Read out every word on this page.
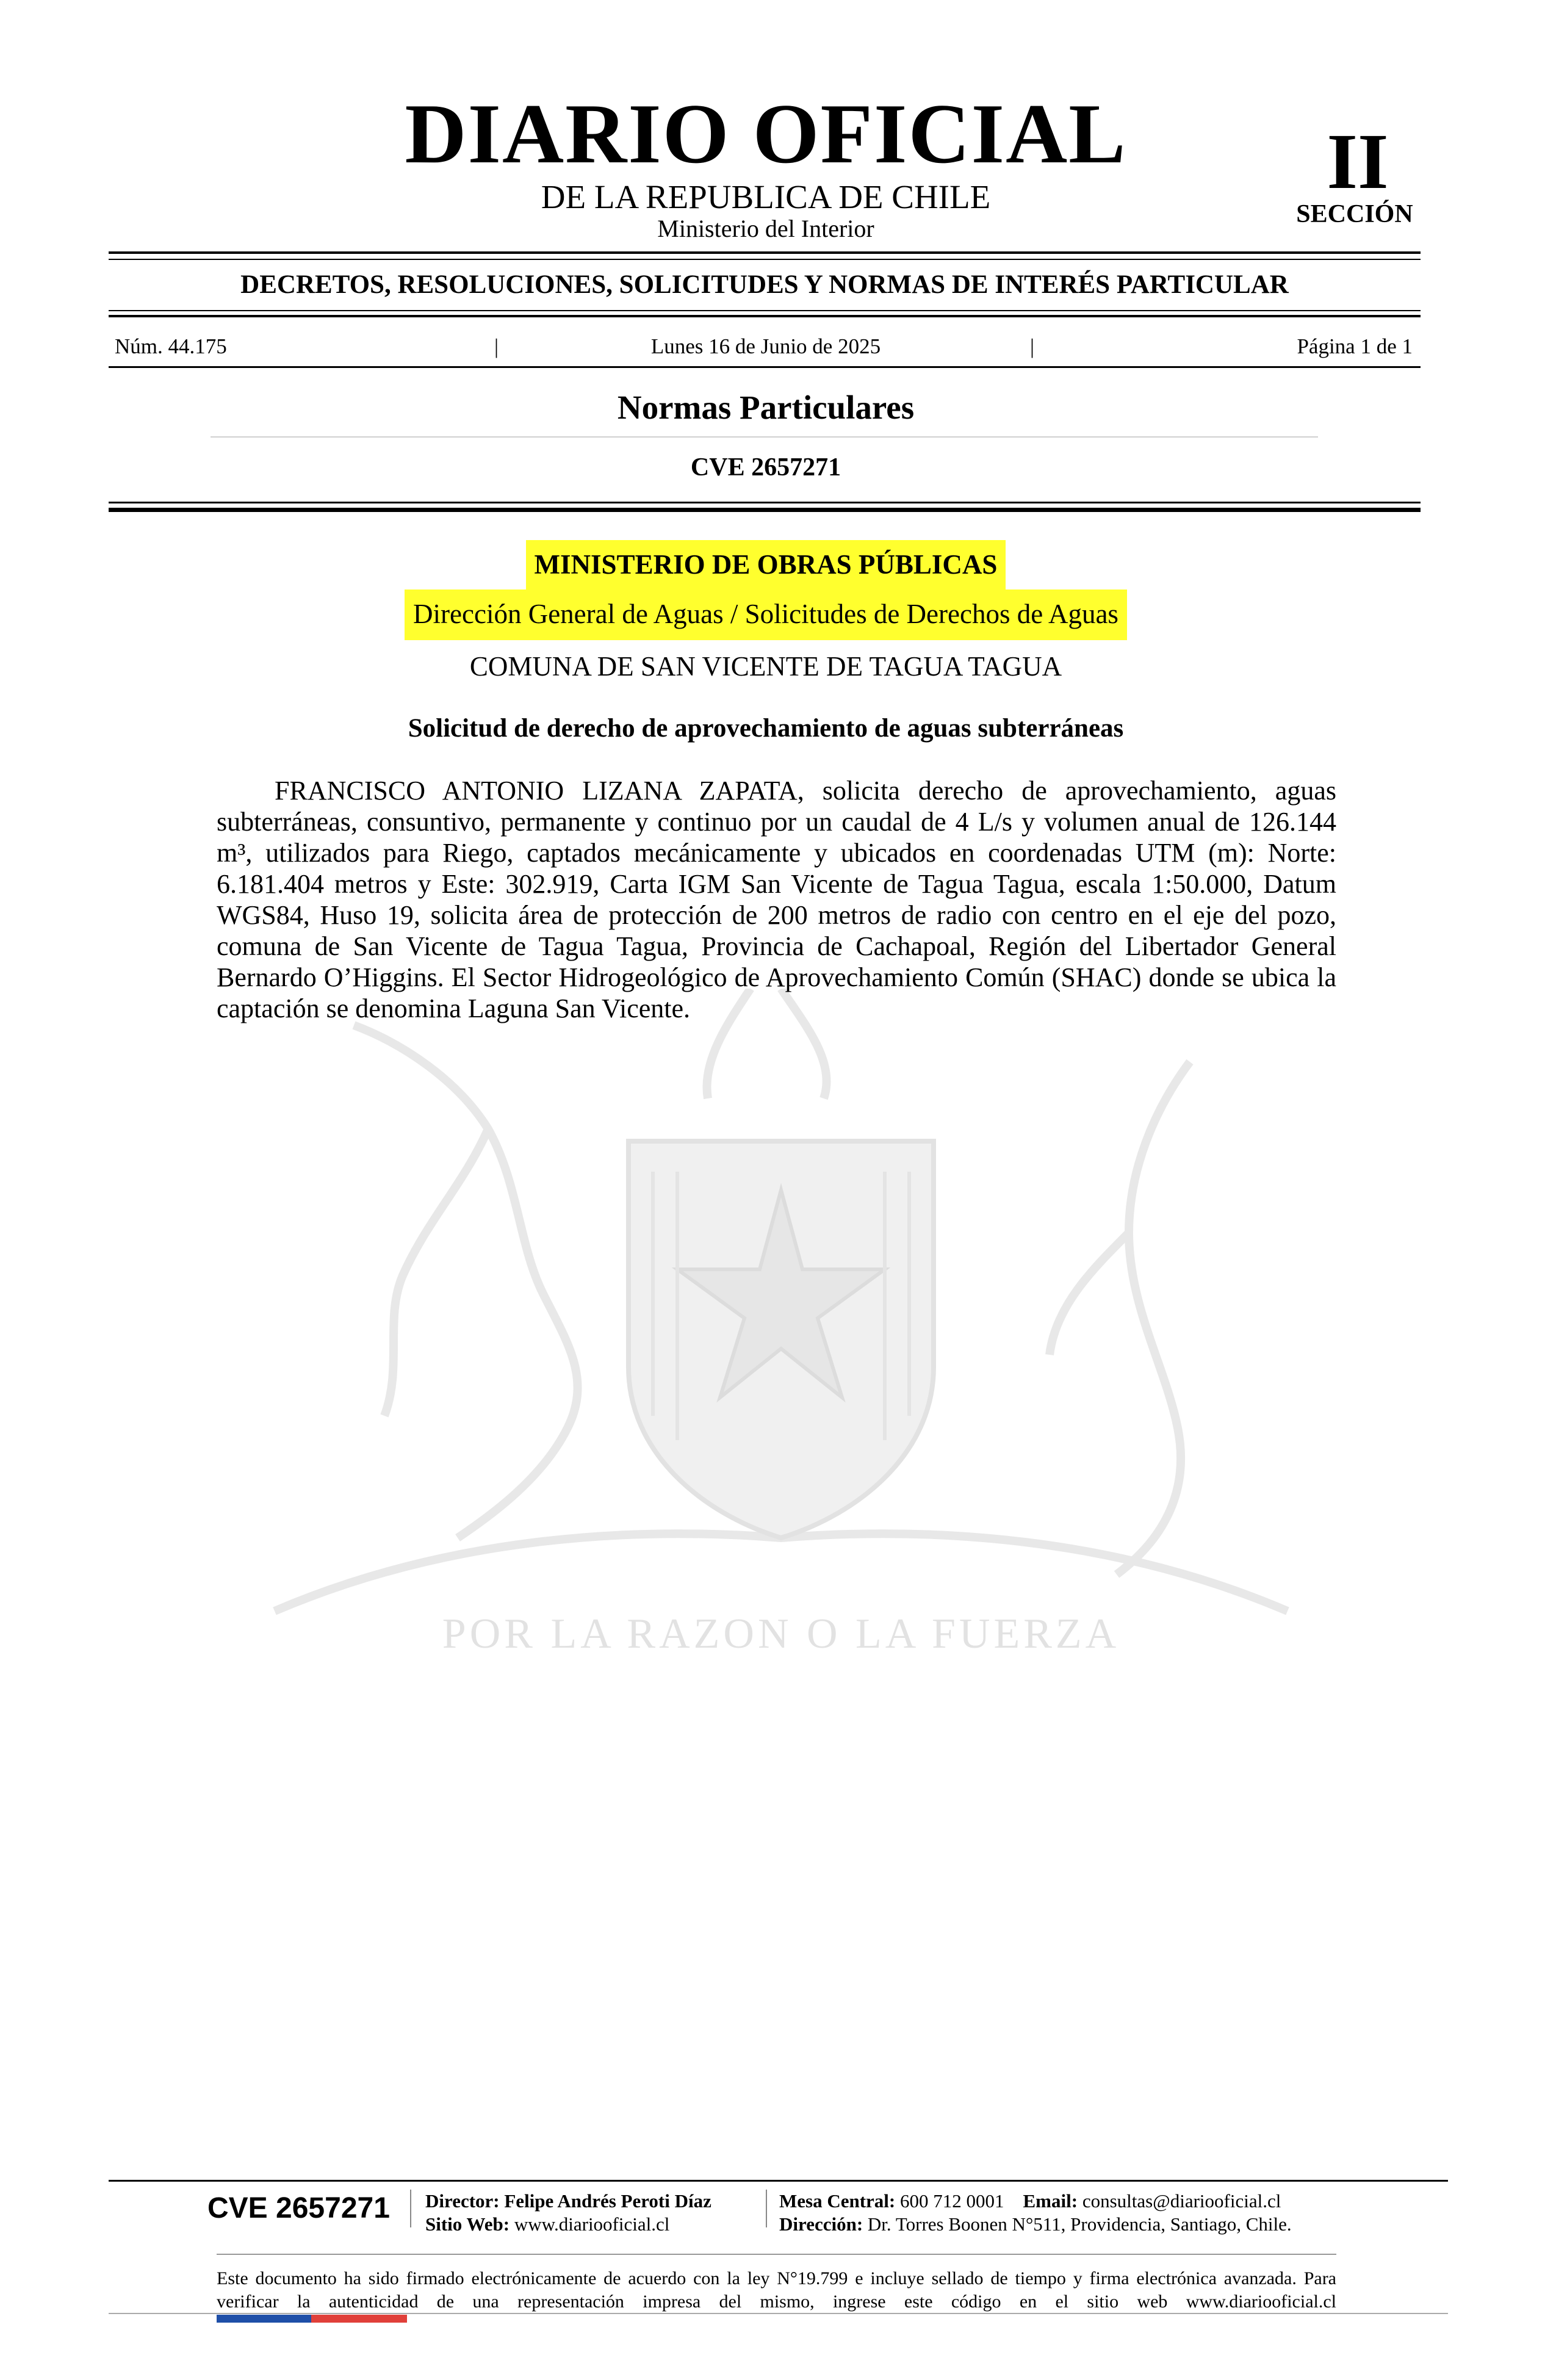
POR LA RAZON O LA FUERZA
DIARIO OFICIAL
DE LA REPUBLICA DE CHILE
Ministerio del Interior
II
SECCIÓN
DECRETOS, RESOLUCIONES, SOLICITUDES Y NORMAS DE INTERÉS PARTICULAR
Núm. 44.175	|	Lunes 16 de Junio de 2025	|	Página 1 de 1
Normas Particulares
CVE 2657271
MINISTERIO DE OBRAS PÚBLICAS
Dirección General de Aguas / Solicitudes de Derechos de Aguas
COMUNA DE SAN VICENTE DE TAGUA TAGUA
Solicitud de derecho de aprovechamiento de aguas subterráneas
FRANCISCO ANTONIO LIZANA ZAPATA, solicita derecho de aprovechamiento, aguas subterráneas, consuntivo, permanente y continuo por un caudal de 4 L/s y volumen anual de 126.144 m³, utilizados para Riego, captados mecánicamente y ubicados en coordenadas UTM (m): Norte: 6.181.404 metros y Este: 302.919, Carta IGM San Vicente de Tagua Tagua, escala 1:50.000, Datum WGS84, Huso 19, solicita área de protección de 200 metros de radio con centro en el eje del pozo, comuna de San Vicente de Tagua Tagua, Provincia de Cachapoal, Región del Libertador General Bernardo O’Higgins. El Sector Hidrogeológico de Aprovechamiento Común (SHAC) donde se ubica la captación se denomina Laguna San Vicente.
CVE 2657271 Director: Felipe Andrés Peroti Díaz
Sitio Web: www.diariooficial.cl
Mesa Central: 600 712 0001 Email: consultas@diariooficial.cl
Dirección: Dr. Torres Boonen N°511, Providencia, Santiago, Chile.
Este documento ha sido firmado electrónicamente de acuerdo con la ley N°19.799 e incluye sellado de tiempo y firma electrónica avanzada. Para verificar la autenticidad de una representación impresa del mismo, ingrese este código en el sitio web www.diariooficial.cl
